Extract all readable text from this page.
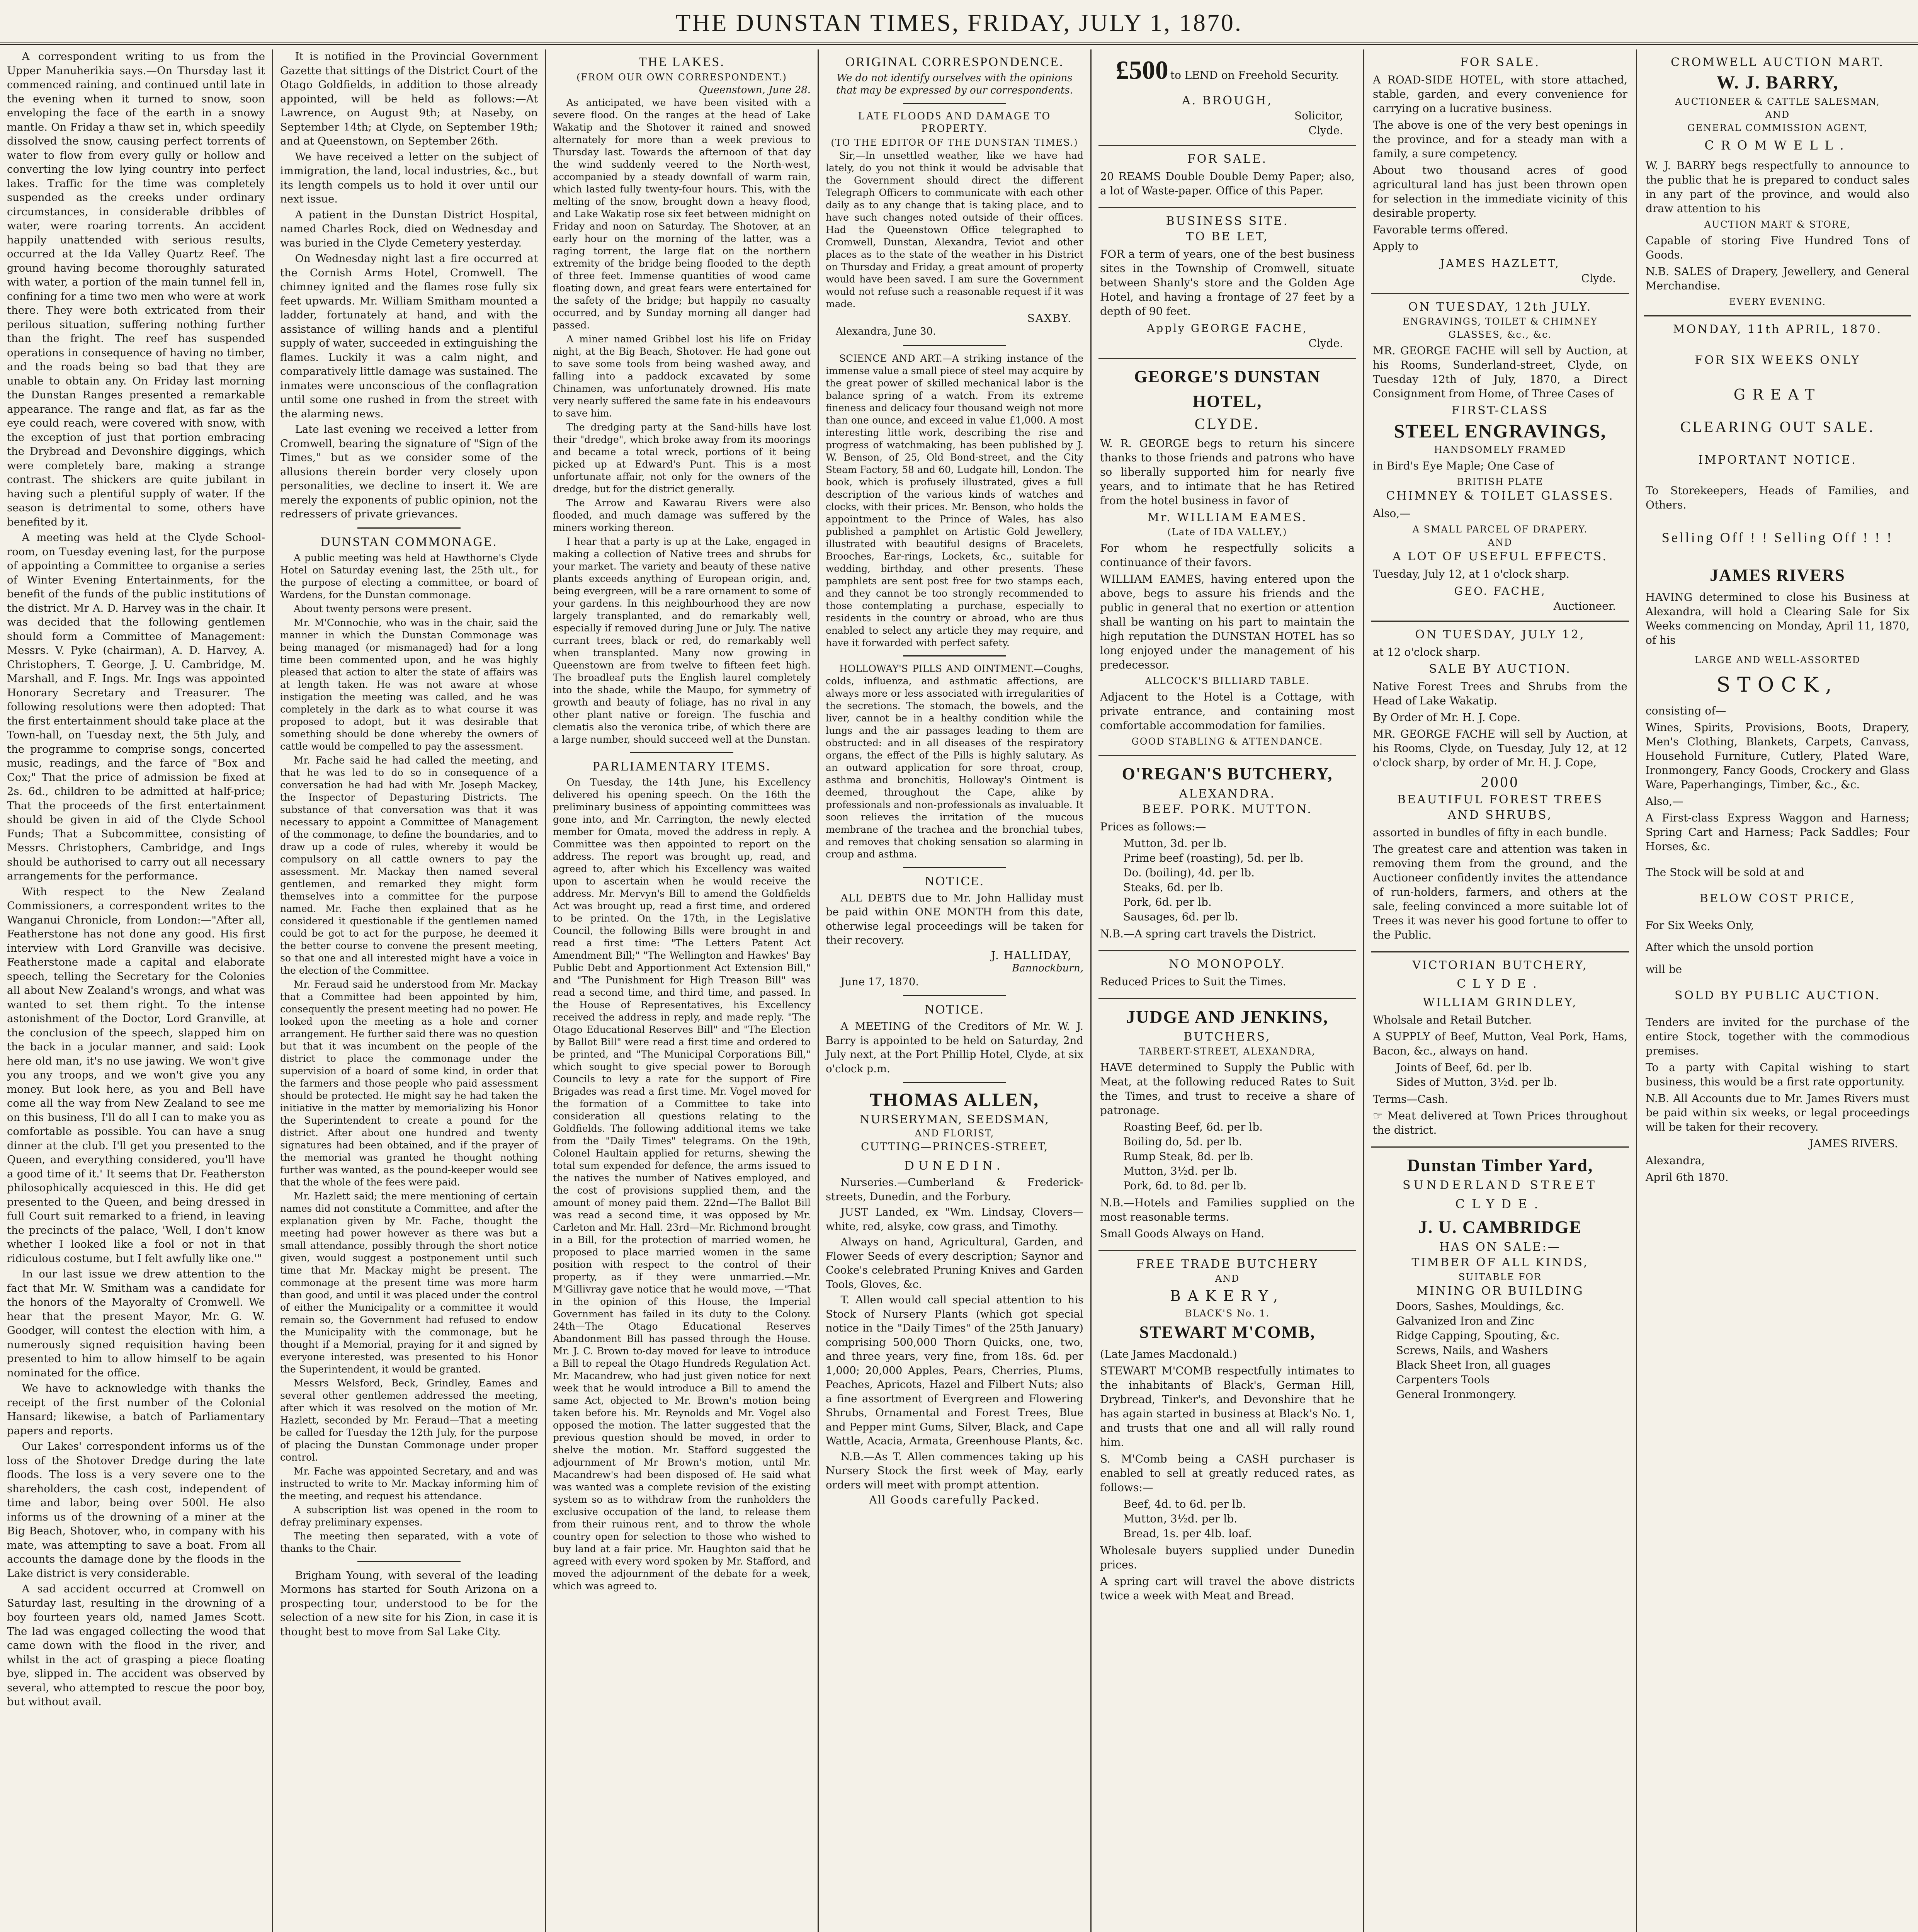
THE DUNSTAN TIMES, FRIDAY, JULY 1, 1870.
A correspondent writing to us from the Upper Manuherikia says.—On Thursday last it commenced raining, and continued until late in the evening when it turned to snow, soon enveloping the face of the earth in a snowy mantle. On Friday a thaw set in, which speedily dissolved the snow, causing perfect torrents of water to flow from every gully or hollow and converting the low lying country into perfect lakes. Traffic for the time was completely suspended as the creeks under ordinary circumstances, in considerable dribbles of water, were roaring torrents. An accident happily unattended with serious results, occurred at the Ida Valley Quartz Reef. The ground having become thoroughly saturated with water, a portion of the main tunnel fell in, confining for a time two men who were at work there. They were both extricated from their perilous situation, suffering nothing further than the fright. The reef has suspended operations in consequence of having no timber, and the roads being so bad that they are unable to obtain any. On Friday last morning the Dunstan Ranges presented a remarkable appearance. The range and flat, as far as the eye could reach, were covered with snow, with the exception of just that portion embracing the Drybread and Devonshire diggings, which were completely bare, making a strange contrast. The shickers are quite jubilant in having such a plentiful supply of water. If the season is detrimental to some, others have benefited by it.
A meeting was held at the Clyde School-room, on Tuesday evening last, for the purpose of appointing a Committee to organise a series of Winter Evening Entertainments, for the benefit of the funds of the public institutions of the district. Mr A. D. Harvey was in the chair. It was decided that the following gentlemen should form a Committee of Management: Messrs. V. Pyke (chairman), A. D. Harvey, A. Christophers, T. George, J. U. Cambridge, M. Marshall, and F. Ings. Mr. Ings was appointed Honorary Secretary and Treasurer. The following resolutions were then adopted: That the first entertainment should take place at the Town-hall, on Tuesday next, the 5th July, and the programme to comprise songs, concerted music, readings, and the farce of "Box and Cox;" That the price of admission be fixed at 2s. 6d., children to be admitted at half-price; That the proceeds of the first entertainment should be given in aid of the Clyde School Funds; That a Subcommittee, consisting of Messrs. Christophers, Cambridge, and Ings should be authorised to carry out all necessary arrangements for the performance.
With respect to the New Zealand Commissioners, a correspondent writes to the Wanganui Chronicle, from London:—"After all, Featherstone has not done any good. His first interview with Lord Granville was decisive. Featherstone made a capital and elaborate speech, telling the Secretary for the Colonies all about New Zealand's wrongs, and what was wanted to set them right. To the intense astonishment of the Doctor, Lord Granville, at the conclusion of the speech, slapped him on the back in a jocular manner, and said: Look here old man, it's no use jawing. We won't give you any troops, and we won't give you any money. But look here, as you and Bell have come all the way from New Zealand to see me on this business, I'll do all I can to make you as comfortable as possible. You can have a snug dinner at the club. I'll get you presented to the Queen, and everything considered, you'll have a good time of it.' It seems that Dr. Featherston philosophically acquiesced in this. He did get presented to the Queen, and being dressed in full Court suit remarked to a friend, in leaving the precincts of the palace, 'Well, I don't know whether I looked like a fool or not in that ridiculous costume, but I felt awfully like one.'"
In our last issue we drew attention to the fact that Mr. W. Smitham was a candidate for the honors of the Mayoralty of Cromwell. We hear that the present Mayor, Mr. G. W. Goodger, will contest the election with him, a numerously signed requisition having been presented to him to allow himself to be again nominated for the office.
We have to acknowledge with thanks the receipt of the first number of the Colonial Hansard; likewise, a batch of Parliamentary papers and reports.
Our Lakes' correspondent informs us of the loss of the Shotover Dredge during the late floods. The loss is a very severe one to the shareholders, the cash cost, independent of time and labor, being over 500l. He also informs us of the drowning of a miner at the Big Beach, Shotover, who, in company with his mate, was attempting to save a boat. From all accounts the damage done by the floods in the Lake district is very considerable.
A sad accident occurred at Cromwell on Saturday last, resulting in the drowning of a boy fourteen years old, named James Scott. The lad was engaged collecting the wood that came down with the flood in the river, and whilst in the act of grasping a piece floating bye, slipped in. The accident was observed by several, who attempted to rescue the poor boy, but without avail.
It is notified in the Provincial Government Gazette that sittings of the District Court of the Otago Goldfields, in addition to those already appointed, will be held as follows:—At Lawrence, on August 9th; at Naseby, on September 14th; at Clyde, on September 19th; and at Queenstown, on September 26th.
We have received a letter on the subject of immigration, the land, local industries, &c., but its length compels us to hold it over until our next issue.
A patient in the Dunstan District Hospital, named Charles Rock, died on Wednesday and was buried in the Clyde Cemetery yesterday.
On Wednesday night last a fire occurred at the Cornish Arms Hotel, Cromwell. The chimney ignited and the flames rose fully six feet upwards. Mr. William Smitham mounted a ladder, fortunately at hand, and with the assistance of willing hands and a plentiful supply of water, succeeded in extinguishing the flames. Luckily it was a calm night, and comparatively little damage was sustained. The inmates were unconscious of the conflagration until some one rushed in from the street with the alarming news.
Late last evening we received a letter from Cromwell, bearing the signature of "Sign of the Times," but as we consider some of the allusions therein border very closely upon personalities, we decline to insert it. We are merely the exponents of public opinion, not the redressers of private grievances.
DUNSTAN COMMONAGE.
A public meeting was held at Hawthorne's Clyde Hotel on Saturday evening last, the 25th ult., for the purpose of electing a committee, or board of Wardens, for the Dunstan commonage.
About twenty persons were present.
Mr. M'Connochie, who was in the chair, said the manner in which the Dunstan Commonage was being managed (or mismanaged) had for a long time been commented upon, and he was highly pleased that action to alter the state of affairs was at length taken. He was not aware at whose instigation the meeting was called, and he was completely in the dark as to what course it was proposed to adopt, but it was desirable that something should be done whereby the owners of cattle would be compelled to pay the assessment.
Mr. Fache said he had called the meeting, and that he was led to do so in consequence of a conversation he had had with Mr. Joseph Mackey, the Inspector of Depasturing Districts. The substance of that conversation was that it was necessary to appoint a Committee of Management of the commonage, to define the boundaries, and to draw up a code of rules, whereby it would be compulsory on all cattle owners to pay the assessment. Mr. Mackay then named several gentlemen, and remarked they might form themselves into a committee for the purpose named. Mr. Fache then explained that as he considered it questionable if the gentlemen named could be got to act for the purpose, he deemed it the better course to convene the present meeting, so that one and all interested might have a voice in the election of the Committee.
Mr. Feraud said he understood from Mr. Mackay that a Committee had been appointed by him, consequently the present meeting had no power. He looked upon the meeting as a hole and corner arrangement. He further said there was no question but that it was incumbent on the people of the district to place the commonage under the supervision of a board of some kind, in order that the farmers and those people who paid assessment should be protected. He might say he had taken the initiative in the matter by memorializing his Honor the Superintendent to create a pound for the district. After about one hundred and twenty signatures had been obtained, and if the prayer of the memorial was granted he thought nothing further was wanted, as the pound-keeper would see that the whole of the fees were paid.
Mr. Hazlett said; the mere mentioning of certain names did not constitute a Committee, and after the explanation given by Mr. Fache, thought the meeting had power however as there was but a small attendance, possibly through the short notice given, would suggest a postponement until such time that Mr. Mackay might be present. The commonage at the present time was more harm than good, and until it was placed under the control of either the Municipality or a committee it would remain so, the Government had refused to endow the Municipality with the commonage, but he thought if a Memorial, praying for it and signed by everyone interested, was presented to his Honor the Superintendent, it would be granted.
Messrs Welsford, Beck, Grindley, Eames and several other gentlemen addressed the meeting, after which it was resolved on the motion of Mr. Hazlett, seconded by Mr. Feraud—That a meeting be called for Tuesday the 12th July, for the purpose of placing the Dunstan Commonage under proper control.
Mr. Fache was appointed Secretary, and and was instructed to write to Mr. Mackay informing him of the meeting, and request his attendance.
A subscription list was opened in the room to defray preliminary expenses.
The meeting then separated, with a vote of thanks to the Chair.
Brigham Young, with several of the leading Mormons has started for South Arizona on a prospecting tour, understood to be for the selection of a new site for his Zion, in case it is thought best to move from Sal Lake City.
THE LAKES.
(FROM OUR OWN CORRESPONDENT.)
Queenstown, June 28.
As anticipated, we have been visited with a severe flood. On the ranges at the head of Lake Wakatip and the Shotover it rained and snowed alternately for more than a week previous to Thursday last. Towards the afternoon of that day the wind suddenly veered to the North-west, accompanied by a steady downfall of warm rain, which lasted fully twenty-four hours. This, with the melting of the snow, brought down a heavy flood, and Lake Wakatip rose six feet between midnight on Friday and noon on Saturday. The Shotover, at an early hour on the morning of the latter, was a raging torrent, the large flat on the northern extremity of the bridge being flooded to the depth of three feet. Immense quantities of wood came floating down, and great fears were entertained for the safety of the bridge; but happily no casualty occurred, and by Sunday morning all danger had passed.
A miner named Gribbel lost his life on Friday night, at the Big Beach, Shotover. He had gone out to save some tools from being washed away, and falling into a paddock excavated by some Chinamen, was unfortunately drowned. His mate very nearly suffered the same fate in his endeavours to save him.
The dredging party at the Sand-hills have lost their "dredge", which broke away from its moorings and became a total wreck, portions of it being picked up at Edward's Punt. This is a most unfortunate affair, not only for the owners of the dredge, but for the district generally.
The Arrow and Kawarau Rivers were also flooded, and much damage was suffered by the miners working thereon.
I hear that a party is up at the Lake, engaged in making a collection of Native trees and shrubs for your market. The variety and beauty of these native plants exceeds anything of European origin, and, being evergreen, will be a rare ornament to some of your gardens. In this neighbourhood they are now largely transplanted, and do remarkably well, especially if removed during June or July. The native currant trees, black or red, do remarkably well when transplanted. Many now growing in Queenstown are from twelve to fifteen feet high. The broadleaf puts the English laurel completely into the shade, while the Maupo, for symmetry of growth and beauty of foliage, has no rival in any other plant native or foreign. The fuschia and clematis also the veronica tribe, of which there are a large number, should succeed well at the Dunstan.
PARLIAMENTARY ITEMS.
On Tuesday, the 14th June, his Excellency delivered his opening speech. On the 16th the preliminary business of appointing committees was gone into, and Mr. Carrington, the newly elected member for Omata, moved the address in reply. A Committee was then appointed to report on the address. The report was brought up, read, and agreed to, after which his Excellency was waited upon to ascertain when he would receive the address. Mr. Mervyn's Bill to amend the Goldfields Act was brought up, read a first time, and ordered to be printed. On the 17th, in the Legislative Council, the following Bills were brought in and read a first time: "The Letters Patent Act Amendment Bill;" "The Wellington and Hawkes' Bay Public Debt and Apportionment Act Extension Bill," and "The Punishment for High Treason Bill" was read a second time, and third time, and passed. In the House of Representatives, his Excellency received the address in reply, and made reply. "The Otago Educational Reserves Bill" and "The Election by Ballot Bill" were read a first time and ordered to be printed, and "The Municipal Corporations Bill," which sought to give special power to Borough Councils to levy a rate for the support of Fire Brigades was read a first time. Mr. Vogel moved for the formation of a Committee to take into consideration all questions relating to the Goldfields. The following additional items we take from the "Daily Times" telegrams. On the 19th, Colonel Haultain applied for returns, shewing the total sum expended for defence, the arms issued to the natives the number of Natives employed, and the cost of provisions supplied them, and the amount of money paid them. 22nd—The Ballot Bill was read a second time, it was opposed by Mr. Carleton and Mr. Hall. 23rd—Mr. Richmond brought in a Bill, for the protection of married women, he proposed to place married women in the same position with respect to the control of their property, as if they were unmarried.—Mr. M'Gillivray gave notice that he would move, —"That in the opinion of this House, the Imperial Government has failed in its duty to the Colony. 24th—The Otago Educational Reserves Abandonment Bill has passed through the House. Mr. J. C. Brown to-day moved for leave to introduce a Bill to repeal the Otago Hundreds Regulation Act. Mr. Macandrew, who had just given notice for next week that he would introduce a Bill to amend the same Act, objected to Mr. Brown's motion being taken before his. Mr. Reynolds and Mr. Vogel also opposed the motion. The latter suggested that the previous question should be moved, in order to shelve the motion. Mr. Stafford suggested the adjournment of Mr Brown's motion, until Mr. Macandrew's had been disposed of. He said what was wanted was a complete revision of the existing system so as to withdraw from the runholders the exclusive occupation of the land, to release them from their ruinous rent, and to throw the whole country open for selection to those who wished to buy land at a fair price. Mr. Haughton said that he agreed with every word spoken by Mr. Stafford, and moved the adjournment of the debate for a week, which was agreed to.
ORIGINAL CORRESPONDENCE.
We do not identify ourselves with the opinions that may be expressed by our correspondents.
LATE FLOODS AND DAMAGE TO PROPERTY.
(TO THE EDITOR OF THE DUNSTAN TIMES.)
Sir,—In unsettled weather, like we have had lately, do you not think it would be advisable that the Government should direct the different Telegraph Officers to communicate with each other daily as to any change that is taking place, and to have such changes noted outside of their offices. Had the Queenstown Office telegraphed to Cromwell, Dunstan, Alexandra, Teviot and other places as to the state of the weather in his District on Thursday and Friday, a great amount of property would have been saved. I am sure the Government would not refuse such a reasonable request if it was made.
SAXBY.
Alexandra, June 30.
SCIENCE AND ART.—A striking instance of the immense value a small piece of steel may acquire by the great power of skilled mechanical labor is the balance spring of a watch. From its extreme fineness and delicacy four thousand weigh not more than one ounce, and exceed in value £1,000. A most interesting little work, describing the rise and progress of watchmaking, has been published by J. W. Benson, of 25, Old Bond-street, and the City Steam Factory, 58 and 60, Ludgate hill, London. The book, which is profusely illustrated, gives a full description of the various kinds of watches and clocks, with their prices. Mr. Benson, who holds the appointment to the Prince of Wales, has also published a pamphlet on Artistic Gold Jewellery, illustrated with beautiful designs of Bracelets, Brooches, Ear-rings, Lockets, &c., suitable for wedding, birthday, and other presents. These pamphlets are sent post free for two stamps each, and they cannot be too strongly recommended to those contemplating a purchase, especially to residents in the country or abroad, who are thus enabled to select any article they may require, and have it forwarded with perfect safety.
HOLLOWAY'S PILLS AND OINTMENT.—Coughs, colds, influenza, and asthmatic affections, are always more or less associated with irregularities of the secretions. The stomach, the bowels, and the liver, cannot be in a healthy condition while the lungs and the air passages leading to them are obstructed: and in all diseases of the respiratory organs, the effect of the Pills is highly salutary. As an outward application for sore throat, croup, asthma and bronchitis, Holloway's Ointment is deemed, throughout the Cape, alike by professionals and non-professionals as invaluable. It soon relieves the irritation of the mucous membrane of the trachea and the bronchial tubes, and removes that choking sensation so alarming in croup and asthma.
NOTICE.
ALL DEBTS due to Mr. John Halliday must be paid within ONE MONTH from this date, otherwise legal proceedings will be taken for their recovery.
J. HALLIDAY,
Bannockburn,
June 17, 1870.
NOTICE.
A MEETING of the Creditors of Mr. W. J. Barry is appointed to be held on Saturday, 2nd July next, at the Port Phillip Hotel, Clyde, at six o'clock p.m.
THOMAS ALLEN,
NURSERYMAN, SEEDSMAN,
AND FLORIST,
CUTTING—PRINCES-STREET,
DUNEDIN.
Nurseries.—Cumberland & Frederick-streets, Dunedin, and the Forbury.
JUST Landed, ex "Wm. Lindsay, Clovers—white, red, alsyke, cow grass, and Timothy.
Always on hand, Agricultural, Garden, and Flower Seeds of every description; Saynor and Cooke's celebrated Pruning Knives and Garden Tools, Gloves, &c.
T. Allen would call special attention to his Stock of Nursery Plants (which got special notice in the "Daily Times" of the 25th January) comprising 500,000 Thorn Quicks, one, two, and three years, very fine, from 18s. 6d. per 1,000; 20,000 Apples, Pears, Cherries, Plums, Peaches, Apricots, Hazel and Filbert Nuts; also a fine assortment of Evergreen and Flowering Shrubs, Ornamental and Forest Trees, Blue and Pepper mint Gums, Silver, Black, and Cape Wattle, Acacia, Armata, Greenhouse Plants, &c.
N.B.—As T. Allen commences taking up his Nursery Stock the first week of May, early orders will meet with prompt attention.
All Goods carefully Packed.
£500 to LEND on Freehold Security.
A. BROUGH,
Solicitor,
Clyde.
FOR SALE.
20 REAMS Double Double Demy Paper; also, a lot of Waste-paper. Office of this Paper.
BUSINESS SITE.
TO BE LET,
FOR a term of years, one of the best business sites in the Township of Cromwell, situate between Shanly's store and the Golden Age Hotel, and having a frontage of 27 feet by a depth of 90 feet.
Apply GEORGE FACHE,
Clyde.
GEORGE'S DUNSTAN HOTEL,
CLYDE.
W. R. GEORGE begs to return his sincere thanks to those friends and patrons who have so liberally supported him for nearly five years, and to intimate that he has Retired from the hotel business in favor of
Mr. WILLIAM EAMES.
(Late of IDA VALLEY,)
For whom he respectfully solicits a continuance of their favors.
WILLIAM EAMES, having entered upon the above, begs to assure his friends and the public in general that no exertion or attention shall be wanting on his part to maintain the high reputation the DUNSTAN HOTEL has so long enjoyed under the management of his predecessor.
ALLCOCK'S BILLIARD TABLE.
Adjacent to the Hotel is a Cottage, with private entrance, and containing most comfortable accommodation for families.
GOOD STABLING & ATTENDANCE.
O'REGAN'S BUTCHERY,
ALEXANDRA.
BEEF. PORK. MUTTON.
Prices as follows:—
Mutton, 3d. per lb.
Prime beef (roasting), 5d. per lb.
Do. (boiling), 4d. per lb.
Steaks, 6d. per lb.
Pork, 6d. per lb.
Sausages, 6d. per lb.
N.B.—A spring cart travels the District.
NO MONOPOLY.
Reduced Prices to Suit the Times.
JUDGE AND JENKINS,
BUTCHERS,
TARBERT-STREET, ALEXANDRA,
HAVE determined to Supply the Public with Meat, at the following reduced Rates to Suit the Times, and trust to receive a share of patronage.
Roasting Beef, 6d. per lb.
Boiling do, 5d. per lb.
Rump Steak, 8d. per lb.
Mutton, 3½d. per lb.
Pork, 6d. to 8d. per lb.
N.B.—Hotels and Families supplied on the most reasonable terms.
Small Goods Always on Hand.
FREE TRADE BUTCHERY
AND
BAKERY,
BLACK'S No. 1.
STEWART M'COMB,
(Late James Macdonald.)
STEWART M'COMB respectfully intimates to the inhabitants of Black's, German Hill, Drybread, Tinker's, and Devonshire that he has again started in business at Black's No. 1, and trusts that one and all will rally round him.
S. M'Comb being a CASH purchaser is enabled to sell at greatly reduced rates, as follows:—
Beef, 4d. to 6d. per lb.
Mutton, 3½d. per lb.
Bread, 1s. per 4lb. loaf.
Wholesale buyers supplied under Dunedin prices.
A spring cart will travel the above districts twice a week with Meat and Bread.
FOR SALE.
A ROAD-SIDE HOTEL, with store attached, stable, garden, and every convenience for carrying on a lucrative business.
The above is one of the very best openings in the province, and for a steady man with a family, a sure competency.
About two thousand acres of good agricultural land has just been thrown open for selection in the immediate vicinity of this desirable property.
Favorable terms offered.
Apply to
JAMES HAZLETT,
Clyde.
ON TUESDAY, 12th JULY.
ENGRAVINGS, TOILET & CHIMNEY
GLASSES, &c., &c.
MR. GEORGE FACHE will sell by Auction, at his Rooms, Sunderland-street, Clyde, on Tuesday 12th of July, 1870, a Direct Consignment from Home, of Three Cases of
FIRST-CLASS
STEEL ENGRAVINGS,
HANDSOMELY FRAMED
in Bird's Eye Maple; One Case of
BRITISH PLATE
CHIMNEY & TOILET GLASSES.
Also,—
A SMALL PARCEL OF DRAPERY.
AND
A LOT OF USEFUL EFFECTS.
Tuesday, July 12, at 1 o'clock sharp.
GEO. FACHE,
Auctioneer.
ON TUESDAY, JULY 12,
at 12 o'clock sharp.
SALE BY AUCTION.
Native Forest Trees and Shrubs from the Head of Lake Wakatip.
By Order of Mr. H. J. Cope.
MR. GEORGE FACHE will sell by Auction, at his Rooms, Clyde, on Tuesday, July 12, at 12 o'clock sharp, by order of Mr. H. J. Cope,
2000
BEAUTIFUL FOREST TREES
AND SHRUBS,
assorted in bundles of fifty in each bundle.
The greatest care and attention was taken in removing them from the ground, and the Auctioneer confidently invites the attendance of run-holders, farmers, and others at the sale, feeling convinced a more suitable lot of Trees it was never his good fortune to offer to the Public.
VICTORIAN BUTCHERY,
CLYDE.
WILLIAM GRINDLEY,
Wholsale and Retail Butcher.
A SUPPLY of Beef, Mutton, Veal Pork, Hams, Bacon, &c., always on hand.
Joints of Beef, 6d. per lb.
Sides of Mutton, 3½d. per lb.
Terms—Cash.
☞ Meat delivered at Town Prices throughout the district.
Dunstan Timber Yard,
SUNDERLAND STREET
CLYDE.
J. U. CAMBRIDGE
HAS ON SALE:—
TIMBER OF ALL KINDS,
SUITABLE FOR
MINING OR BUILDING
Doors, Sashes, Mouldings, &c.
Galvanized Iron and Zinc
Ridge Capping, Spouting, &c.
Screws, Nails, and Washers
Black Sheet Iron, all guages
Carpenters Tools
General Ironmongery.
CROMWELL AUCTION MART.
W. J. BARRY,
AUCTIONEER & CATTLE SALESMAN,
AND
GENERAL COMMISSION AGENT,
CROMWELL.
W. J. BARRY begs respectfully to announce to the public that he is prepared to conduct sales in any part of the province, and would also draw attention to his
AUCTION MART & STORE,
Capable of storing Five Hundred Tons of Goods.
N.B. SALES of Drapery, Jewellery, and General Merchandise.
EVERY EVENING.
MONDAY, 11th APRIL, 1870.
FOR SIX WEEKS ONLY
GREAT
CLEARING OUT SALE.
IMPORTANT NOTICE.
To Storekeepers, Heads of Families, and Others.
Selling Off ! ! Selling Off ! ! !
JAMES RIVERS
HAVING determined to close his Business at Alexandra, will hold a Clearing Sale for Six Weeks commencing on Monday, April 11, 1870, of his
LARGE AND WELL-ASSORTED
STOCK,
consisting of—
Wines, Spirits, Provisions, Boots, Drapery, Men's Clothing, Blankets, Carpets, Canvass, Household Furniture, Cutlery, Plated Ware, Ironmongery, Fancy Goods, Crockery and Glass Ware, Paperhangings, Timber, &c., &c.
Also,—
A First-class Express Waggon and Harness; Spring Cart and Harness; Pack Saddles; Four Horses, &c.
The Stock will be sold at and
BELOW COST PRICE,
For Six Weeks Only,
After which the unsold portion
will be
SOLD BY PUBLIC AUCTION.
Tenders are invited for the purchase of the entire Stock, together with the commodious premises.
To a party with Capital wishing to start business, this would be a first rate opportunity.
N.B. All Accounts due to Mr. James Rivers must be paid within six weeks, or legal proceedings will be taken for their recovery.
JAMES RIVERS.
Alexandra,
April 6th 1870.
